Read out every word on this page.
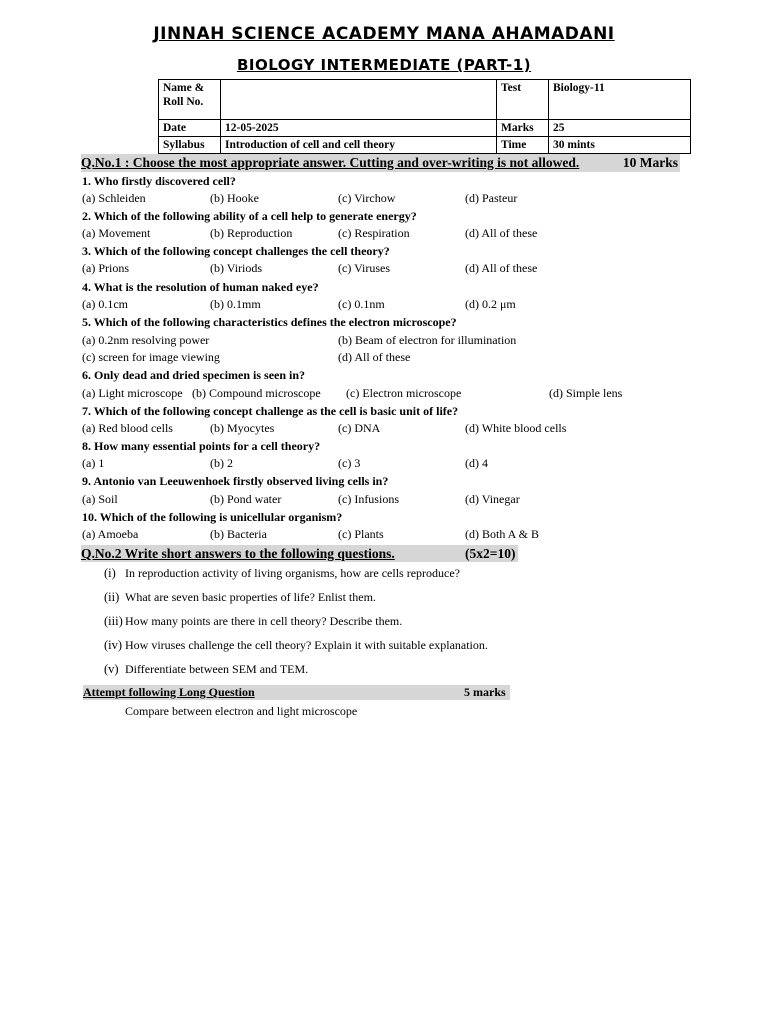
JINNAH SCIENCE ACADEMY MANA AHAMADANI
BIOLOGY INTERMEDIATE (PART-1)
Name & Roll No.		Test	Biology-11
Date	12-05-2025	Marks	25
Syllabus	Introduction of cell and cell theory	Time	30 mints
Q.No.1 : Choose the most appropriate answer. Cutting and over-writing is not allowed.	10 Marks
1. Who firstly discovered cell?
(a) Schleiden	(b) Hooke	(c) Virchow	(d) Pasteur
2. Which of the following ability of a cell help to generate energy?
(a) Movement	(b) Reproduction	(c) Respiration	(d) All of these
3. Which of the following concept challenges the cell theory?
(a) Prions	(b) Viriods	(c) Viruses	(d) All of these
4. What is the resolution of human naked eye?
(a) 0.1cm	(b) 0.1mm	(c) 0.1nm	(d) 0.2 μm
5. Which of the following characteristics defines the electron microscope?
(a) 0.2nm resolving power	(b) Beam of electron for illumination
(c) screen for image viewing	(d) All of these
6. Only dead and dried specimen is seen in?
(a) Light microscope (b) Compound microscope (c) Electron microscope	(d) Simple lens
7. Which of the following concept challenge as the cell is basic unit of life?
(a) Red blood cells	(b) Myocytes	(c) DNA	(d) White blood cells
8. How many essential points for a cell theory?
(a) 1	(b) 2	(c) 3	(d) 4
9. Antonio van Leeuwenhoek firstly observed living cells in?
(a) Soil	(b) Pond water	(c) Infusions	(d) Vinegar
10. Which of the following is unicellular organism?
(a) Amoeba	(b) Bacteria	(c) Plants	(d) Both A & B
Q.No.2 Write short answers to the following questions.	(5x2=10)
(i) In reproduction activity of living organisms, how are cells reproduce?
(ii) What are seven basic properties of life? Enlist them.
(iii) How many points are there in cell theory? Describe them.
(iv) How viruses challenge the cell theory? Explain it with suitable explanation.
(v) Differentiate between SEM and TEM.
Attempt following Long Question	5 marks
Compare between electron and light microscope
